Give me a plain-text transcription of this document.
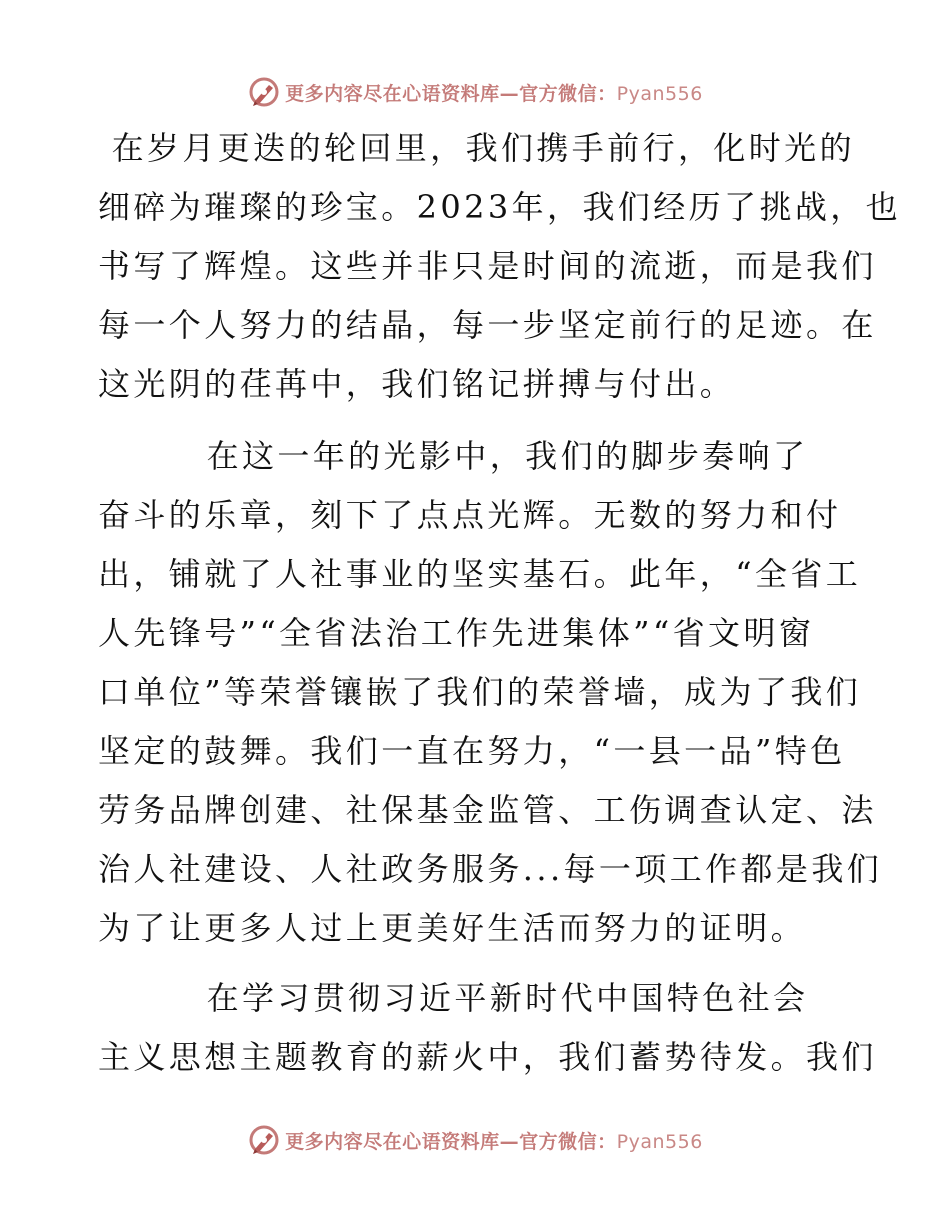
更多内容尽在心语资料库—官方微信：Pyan556
在岁月更迭的轮回里，我们携手前行，化时光的
细碎为璀璨的珍宝。2023年，我们经历了挑战，也
书写了辉煌。这些并非只是时间的流逝，而是我们
每一个人努力的结晶，每一步坚定前行的足迹。在
这光阴的荏苒中，我们铭记拼搏与付出。
在这一年的光影中，我们的脚步奏响了
奋斗的乐章，刻下了点点光辉。无数的努力和付
出，铺就了人社事业的坚实基石。此年，“全省工
人先锋号”“全省法治工作先进集体”“省文明窗
口单位”等荣誉镶嵌了我们的荣誉墙，成为了我们
坚定的鼓舞。我们一直在努力，“一县一品”特色
劳务品牌创建、社保基金监管、工伤调查认定、法
治人社建设、人社政务服务...每一项工作都是我们
为了让更多人过上更美好生活而努力的证明。
在学习贯彻习近平新时代中国特色社会
主义思想主题教育的薪火中，我们蓄势待发。我们
更多内容尽在心语资料库—官方微信：Pyan556
